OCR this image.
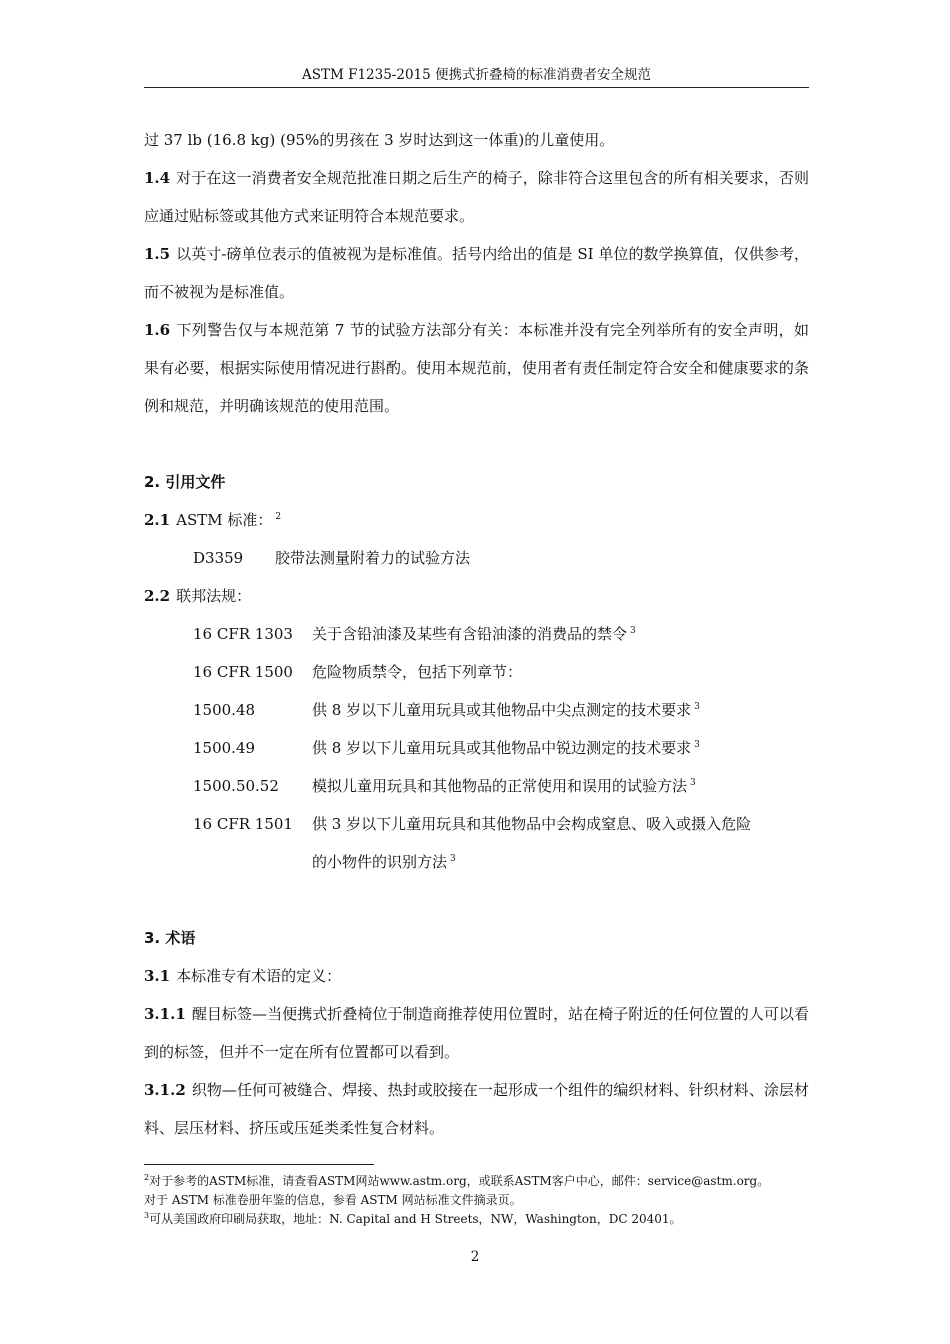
ASTM F1235-2015 便携式折叠椅的标准消费者安全规范

过 37 lb (16.8 kg) (95%的男孩在 3 岁时达到这一体重)的儿童使用。

1.4 对于在这一消费者安全规范批准日期之后生产的椅子，除非符合这里包含的所有相关要求，否则应通过贴标签或其他方式来证明符合本规范要求。

1.5 以英寸-磅单位表示的值被视为是标准值。括号内给出的值是 SI 单位的数学换算值，仅供参考，而不被视为是标准值。

1.6 下列警告仅与本规范第 7 节的试验方法部分有关：本标准并没有完全列举所有的安全声明，如果有必要，根据实际使用情况进行斟酌。使用本规范前，使用者有责任制定符合安全和健康要求的条例和规范，并明确该规范的使用范围。

2. 引用文件

2.1 ASTM 标准： $^2$

D3359	胶带法测量附着力的试验方法

2.2 联邦法规：

16 CFR 1303	关于含铅油漆及某些有含铅油漆的消费品的禁令 $^3$
16 CFR 1500	危险物质禁令，包括下列章节：
1500.48	供 8 岁以下儿童用玩具或其他物品中尖点测定的技术要求 $^3$
1500.49	供 8 岁以下儿童用玩具或其他物品中锐边测定的技术要求 $^3$
1500.50.52	模拟儿童用玩具和其他物品的正常使用和误用的试验方法 $^3$
16 CFR 1501	供 3 岁以下儿童用玩具和其他物品中会构成窒息、吸入或摄入危险

的小物件的识别方法 $^3$

3. 术语

3.1 本标准专有术语的定义：

3.1.1 醒目标签—当便携式折叠椅位于制造商推荐使用位置时，站在椅子附近的任何位置的人可以看到的标签，但并不一定在所有位置都可以看到。

3.1.2 织物—任何可被缝合、焊接、热封或胶接在一起形成一个组件的编织材料、针织材料、涂层材料、层压材料、挤压或压延类柔性复合材料。

$^2$对于参考的ASTM标准，请查看ASTM网站www.astm.org，或联系ASTM客户中心，邮件：service@astm.org。

对于 ASTM 标准卷册年鉴的信息，参看 ASTM 网站标准文件摘录页。

$^3$可从美国政府印刷局获取，地址：N. Capital and H Streets，NW，Washington，DC 20401。

2
